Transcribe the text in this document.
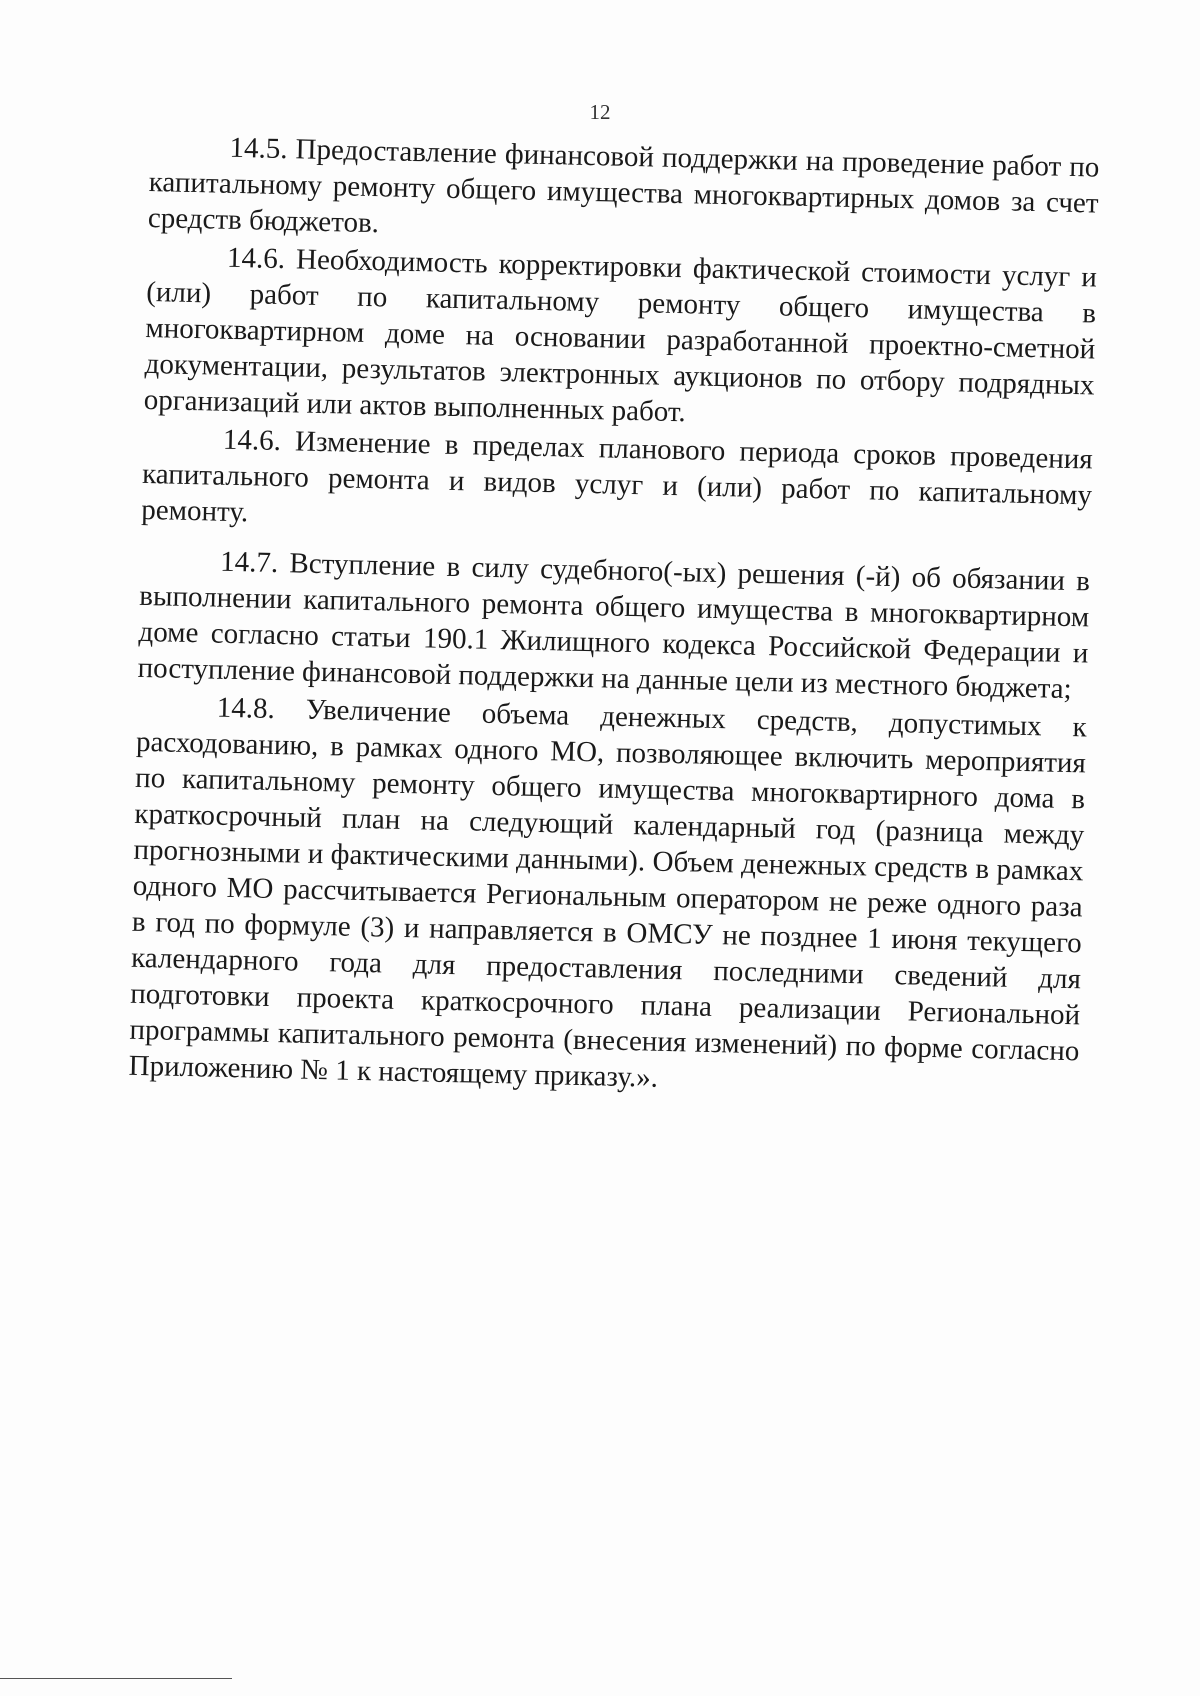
12

14.5. Предоставление финансовой поддержки на проведение работ по капитальному ремонту общего имущества многоквартирных домов за счет средств бюджетов.

14.6. Необходимость корректировки фактической стоимости услуг и (или) работ по капитальному ремонту общего имущества в многоквартирном доме на основании разработанной проектно-сметной документации, результатов электронных аукционов по отбору подрядных организаций или актов выполненных работ.

14.6. Изменение в пределах планового периода сроков проведения капитального ремонта и видов услуг и (или) работ по капитальному ремонту.

14.7. Вступление в силу судебного(-ых) решения (-й) об обязании в выполнении капитального ремонта общего имущества в многоквартирном доме согласно статьи 190.1 Жилищного кодекса Российской Федерации и поступление финансовой поддержки на данные цели из местного бюджета;

14.8. Увеличение объема денежных средств, допустимых к расходованию, в рамках одного МО, позволяющее включить мероприятия по капитальному ремонту общего имущества многоквартирного дома в краткосрочный план на следующий календарный год (разница между прогнозными и фактическими данными). Объем денежных средств в рамках одного МО рассчитывается Региональным оператором не реже одного раза в год по формуле (3) и направляется в ОМСУ не позднее 1 июня текущего календарного года для предоставления последними сведений для подготовки проекта краткосрочного плана реализации Региональной программы капитального ремонта (внесения изменений) по форме согласно Приложению № 1 к настоящему приказу.».
